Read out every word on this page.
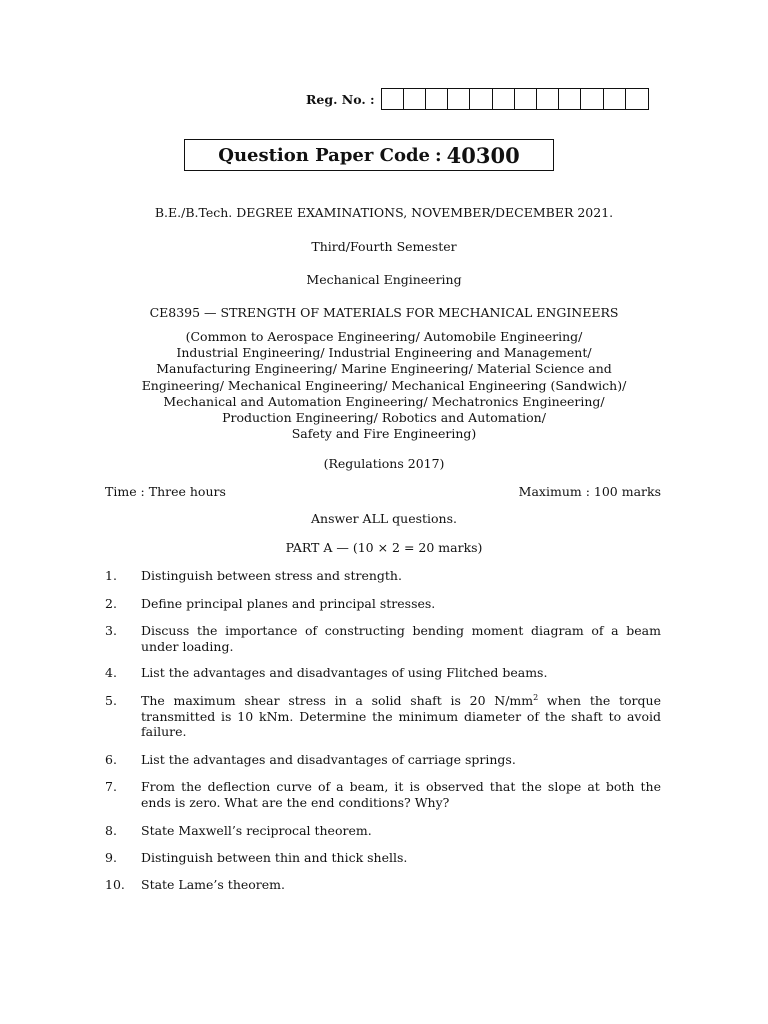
Reg. No. :
Question Paper Code : 40300
B.E./B.Tech. DEGREE EXAMINATIONS, NOVEMBER/DECEMBER 2021.
Third/Fourth Semester
Mechanical Engineering
CE8395 — STRENGTH OF MATERIALS FOR MECHANICAL ENGINEERS
(Common to Aerospace Engineering/ Automobile Engineering/
Industrial Engineering/ Industrial Engineering and Management/
Manufacturing Engineering/ Marine Engineering/ Material Science and
Engineering/ Mechanical Engineering/ Mechanical Engineering (Sandwich)/
Mechanical and Automation Engineering/ Mechatronics Engineering/
Production Engineering/ Robotics and Automation/
Safety and Fire Engineering)
(Regulations 2017)
Time : Three hours	Maximum : 100 marks
Answer ALL questions.
PART A — (10 × 2 = 20 marks)
1. Distinguish between stress and strength.
2. Define principal planes and principal stresses.
3. Discuss the importance of constructing bending moment diagram of a beam under loading.
4. List the advantages and disadvantages of using Flitched beams.
5. The maximum shear stress in a solid shaft is 20 $N/mm^2$ when the torque transmitted is 10 kNm. Determine the minimum diameter of the shaft to avoid failure.
6. List the advantages and disadvantages of carriage springs.
7. From the deflection curve of a beam, it is observed that the slope at both the ends is zero. What are the end conditions? Why?
8. State Maxwell’s reciprocal theorem.
9. Distinguish between thin and thick shells.
10. State Lame’s theorem.
